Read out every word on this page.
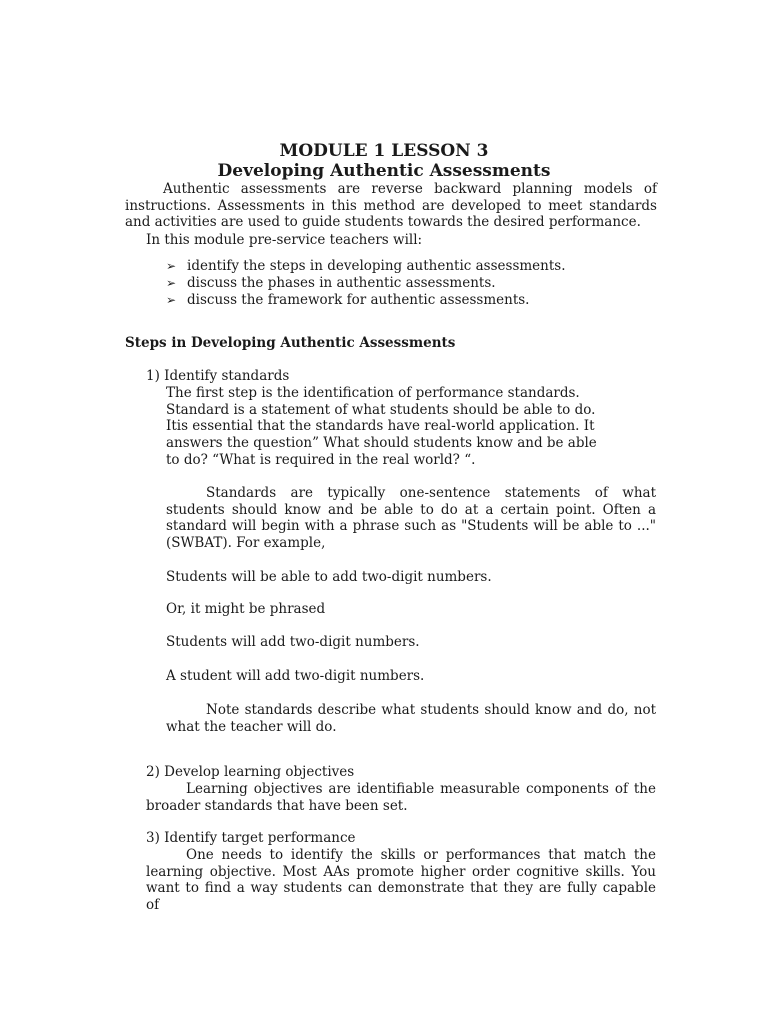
MODULE 1 LESSON 3
Developing Authentic Assessments

Authentic assessments are reverse backward planning models of instructions. Assessments in this method are developed to meet standards and activities are used to guide students towards the desired performance.

In this module pre-service teachers will:
➢ identify the steps in developing authentic assessments.
➢ discuss the phases in authentic assessments.
➢ discuss the framework for authentic assessments.
Steps in Developing Authentic Assessments
1) Identify standards

The first step is the identification of performance standards. Standard is a statement of what students should be able to do. Itis essential that the standards have real-world application. It answers the question” What should students know and be able to do? “What is required in the real world? “.

Standards are typically one-sentence statements of what students should know and be able to do at a certain point. Often a standard will begin with a phrase such as "Students will be able to ..." (SWBAT). For example,

Students will be able to add two-digit numbers.
Or, it might be phrased
Students will add two-digit numbers.
A student will add two-digit numbers.

Note standards describe what students should know and do, not what the teacher will do.

2) Develop learning objectives

Learning objectives are identifiable measurable components of the broader standards that have been set.

3) Identify target performance

One needs to identify the skills or performances that match the learning objective. Most AAs promote higher order cognitive skills. You want to find a way students can demonstrate that they are fully capable of
